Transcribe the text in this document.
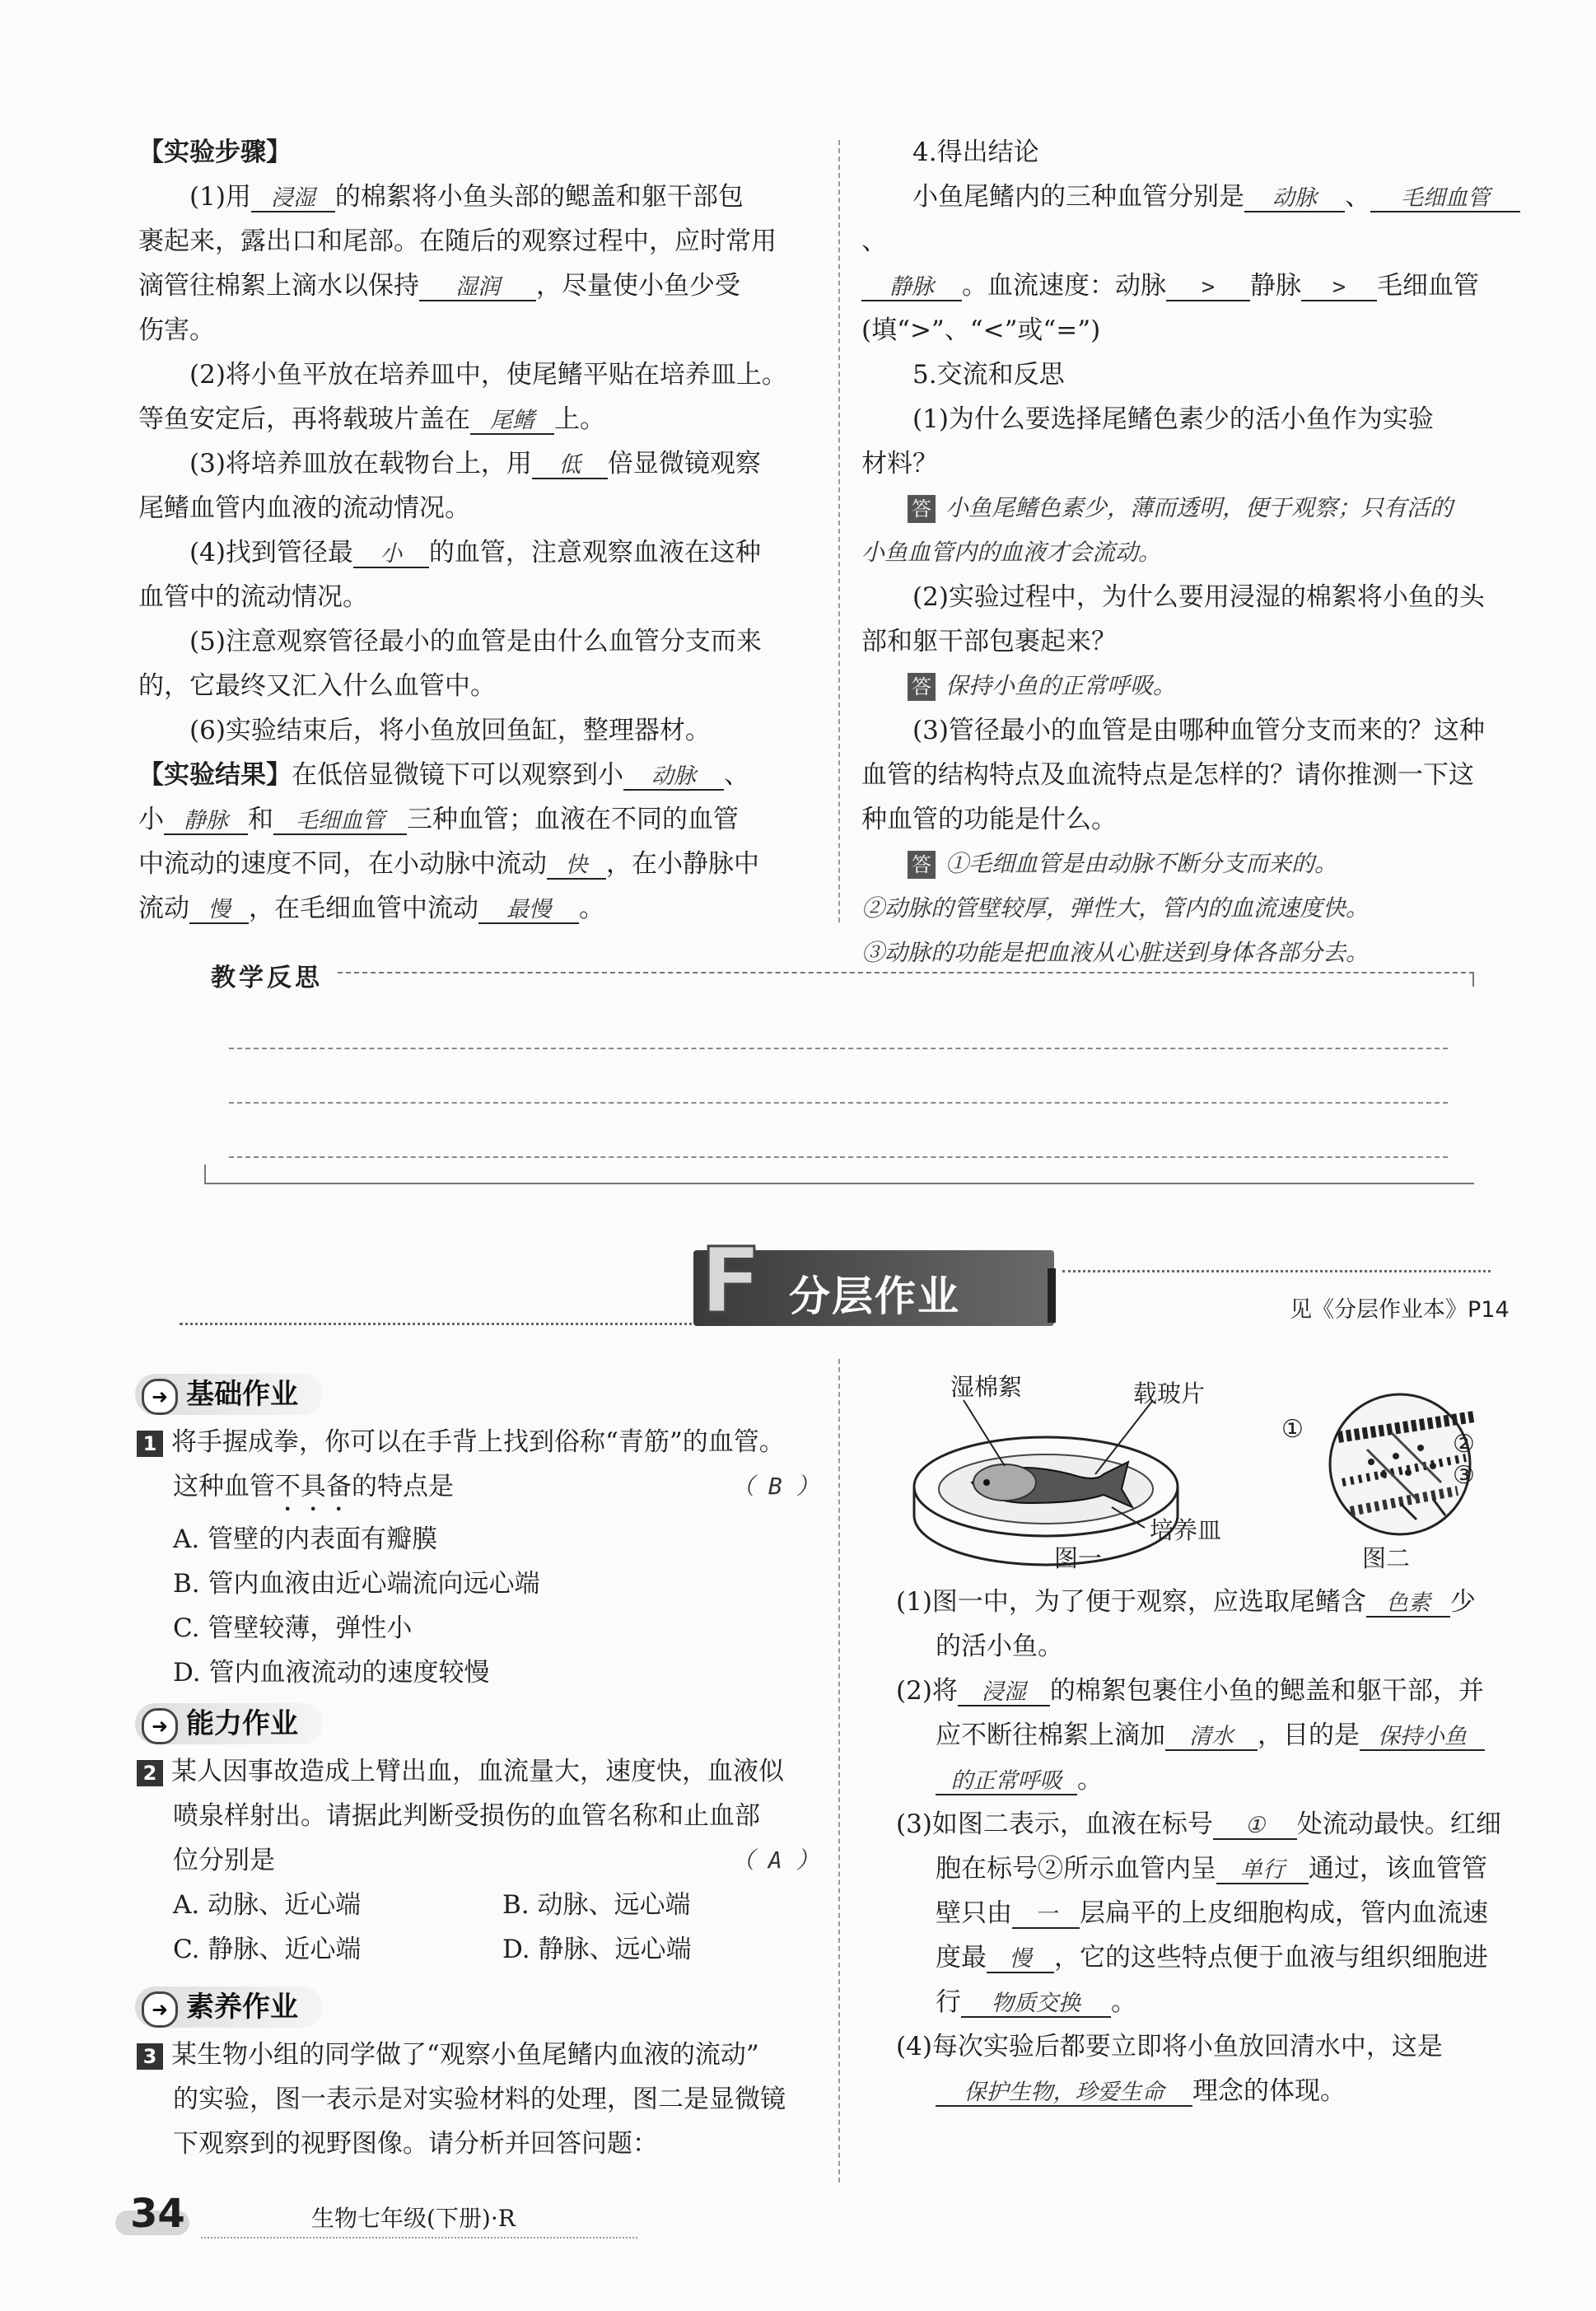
【实验步骤】

(1)用 浸湿 的棉絮将小鱼头部的鳃盖和躯干部包

裹起来，露出口和尾部。在随后的观察过程中，应时常用

滴管往棉絮上滴水以保持 湿润 ，尽量使小鱼少受

伤害。

(2)将小鱼平放在培养皿中，使尾鳍平贴在培养皿上。

等鱼安定后，再将载玻片盖在 尾鳍 上。

(3)将培养皿放在载物台上，用 低 倍显微镜观察

尾鳍血管内血液的流动情况。

(4)找到管径最 小 的血管，注意观察血液在这种

血管中的流动情况。

(5)注意观察管径最小的血管是由什么血管分支而来

的，它最终又汇入什么血管中。

(6)实验结束后，将小鱼放回鱼缸，整理器材。

【实验结果】在低倍显微镜下可以观察到小 动脉 、

小 静脉 和 毛细血管 三种血管；血液在不同的血管

中流动的速度不同，在小动脉中流动 快 ，在小静脉中

流动 慢 ，在毛细血管中流动 最慢 。

4.得出结论

小鱼尾鳍内的三种血管分别是 动脉 、 毛细血管、

静脉 。血流速度：动脉 > 静脉 > 毛细血管

(填“>”、“<”或“=”)

5.交流和反思

(1)为什么要选择尾鳍色素少的活小鱼作为实验

材料？

答 小鱼尾鳍色素少，薄而透明，便于观察；只有活的

小鱼血管内的血液才会流动。

(2)实验过程中，为什么要用浸湿的棉絮将小鱼的头

部和躯干部包裹起来？

答 保持小鱼的正常呼吸。

(3)管径最小的血管是由哪种血管分支而来的？这种

血管的结构特点及血流特点是怎样的？请你推测一下这

种血管的功能是什么。

答 ①毛细血管是由动脉不断分支而来的。

②动脉的管壁较厚，弹性大，管内的血流速度快。

③动脉的功能是把血液从心脏送到身体各部分去。

教学反思
F 分层作业	见《分层作业本》P14
➜ 基础作业

1 将手握成拳，你可以在手背上找到俗称“青筋”的血管。

这种血管不具备的特点是	（ B ）

A. 管壁的内表面有瓣膜

B. 管内血液由近心端流向远心端

C. 管壁较薄，弹性小

D. 管内血液流动的速度较慢

➜ 能力作业

2 某人因事故造成上臂出血，血流量大，速度快，血液似

喷泉样射出。请据此判断受损伤的血管名称和止血部

位分别是	（ A ）

A. 动脉、近心端	B. 动脉、远心端

C. 静脉、近心端	D. 静脉、远心端

➜ 素养作业

3 某生物小组的同学做了“观察小鱼尾鳍内血液的流动”

的实验，图一表示是对实验材料的处理，图二是显微镜

下观察到的视野图像。请分析并回答问题：

湿棉絮	载玻片
培养皿
①
②
③
图一	图二

(1)图一中，为了便于观察，应选取尾鳍含 色素 少

的活小鱼。

(2)将 浸湿 的棉絮包裹住小鱼的鳃盖和躯干部，并

应不断往棉絮上滴加 清水 ，目的是 保持小鱼

的正常呼吸 。

(3)如图二表示，血液在标号 ① 处流动最快。红细

胞在标号②所示血管内呈 单行 通过，该血管管

壁只由 一 层扁平的上皮细胞构成，管内血流速

度最 慢 ，它的这些特点便于血液与组织细胞进

行 物质交换 。

(4)每次实验后都要立即将小鱼放回清水中，这是

保护生物，珍爱生命 理念的体现。

34	生物七年级(下册)·R
